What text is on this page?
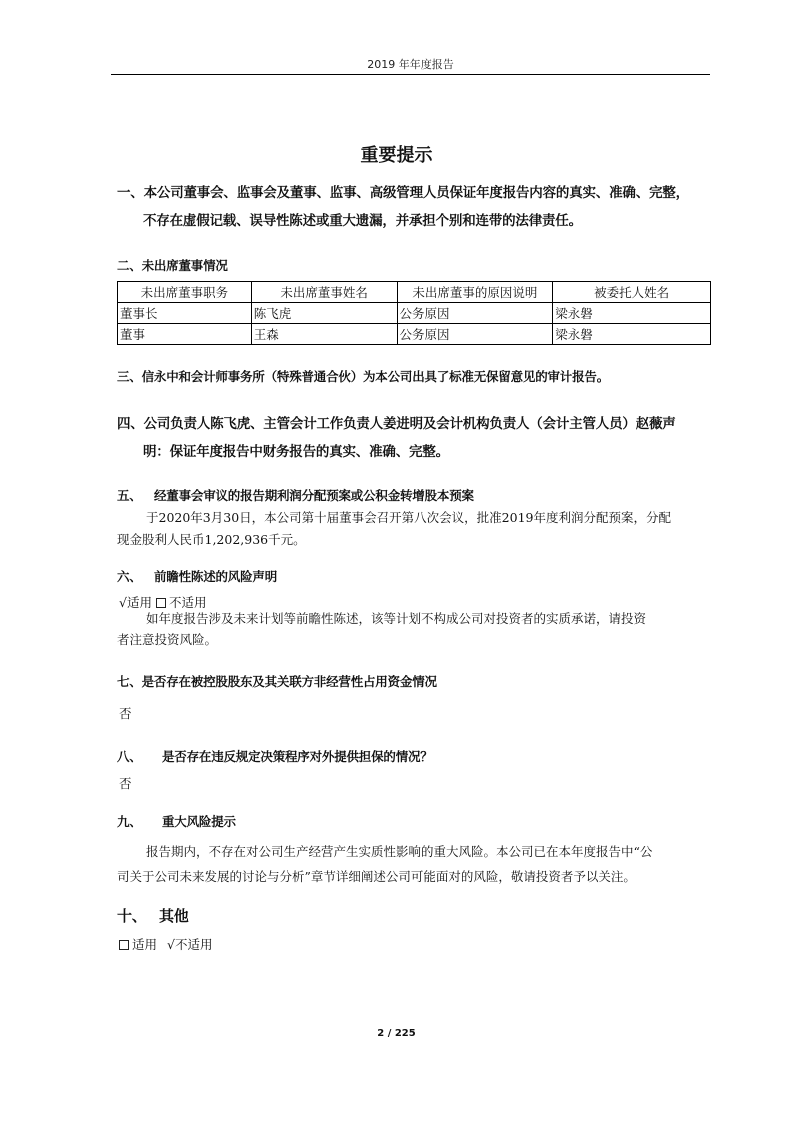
2019 年年度报告
重要提示
一、本公司董事会、监事会及董事、监事、高级管理人员保证年度报告内容的真实、准确、完整，
不存在虚假记载、误导性陈述或重大遗漏，并承担个别和连带的法律责任。
二、未出席董事情况
未出席董事职务	未出席董事姓名	未出席董事的原因说明	被委托人姓名
董事长	陈飞虎	公务原因	梁永磐
董事	王森	公务原因	梁永磐
三、信永中和会计师事务所（特殊普通合伙）为本公司出具了标准无保留意见的审计报告。
四、公司负责人陈飞虎、主管会计工作负责人姜进明及会计机构负责人（会计主管人员）赵薇声
明：保证年度报告中财务报告的真实、准确、完整。
五、 经董事会审议的报告期利润分配预案或公积金转增股本预案
于2020年3月30日，本公司第十届董事会召开第八次会议，批准2019年度利润分配预案，分配
现金股利人民币1,202,936千元。
六、 前瞻性陈述的风险声明
√适用 不适用
如年度报告涉及未来计划等前瞻性陈述，该等计划不构成公司对投资者的实质承诺，请投资
者注意投资风险。
七、是否存在被控股股东及其关联方非经营性占用资金情况
否
八、 是否存在违反规定决策程序对外提供担保的情况？
否
九、 重大风险提示
报告期内，不存在对公司生产经营产生实质性影响的重大风险。本公司已在本年度报告中“公
司关于公司未来发展的讨论与分析”章节详细阐述公司可能面对的风险，敬请投资者予以关注。
十、 其他
适用 √不适用
2 / 225
